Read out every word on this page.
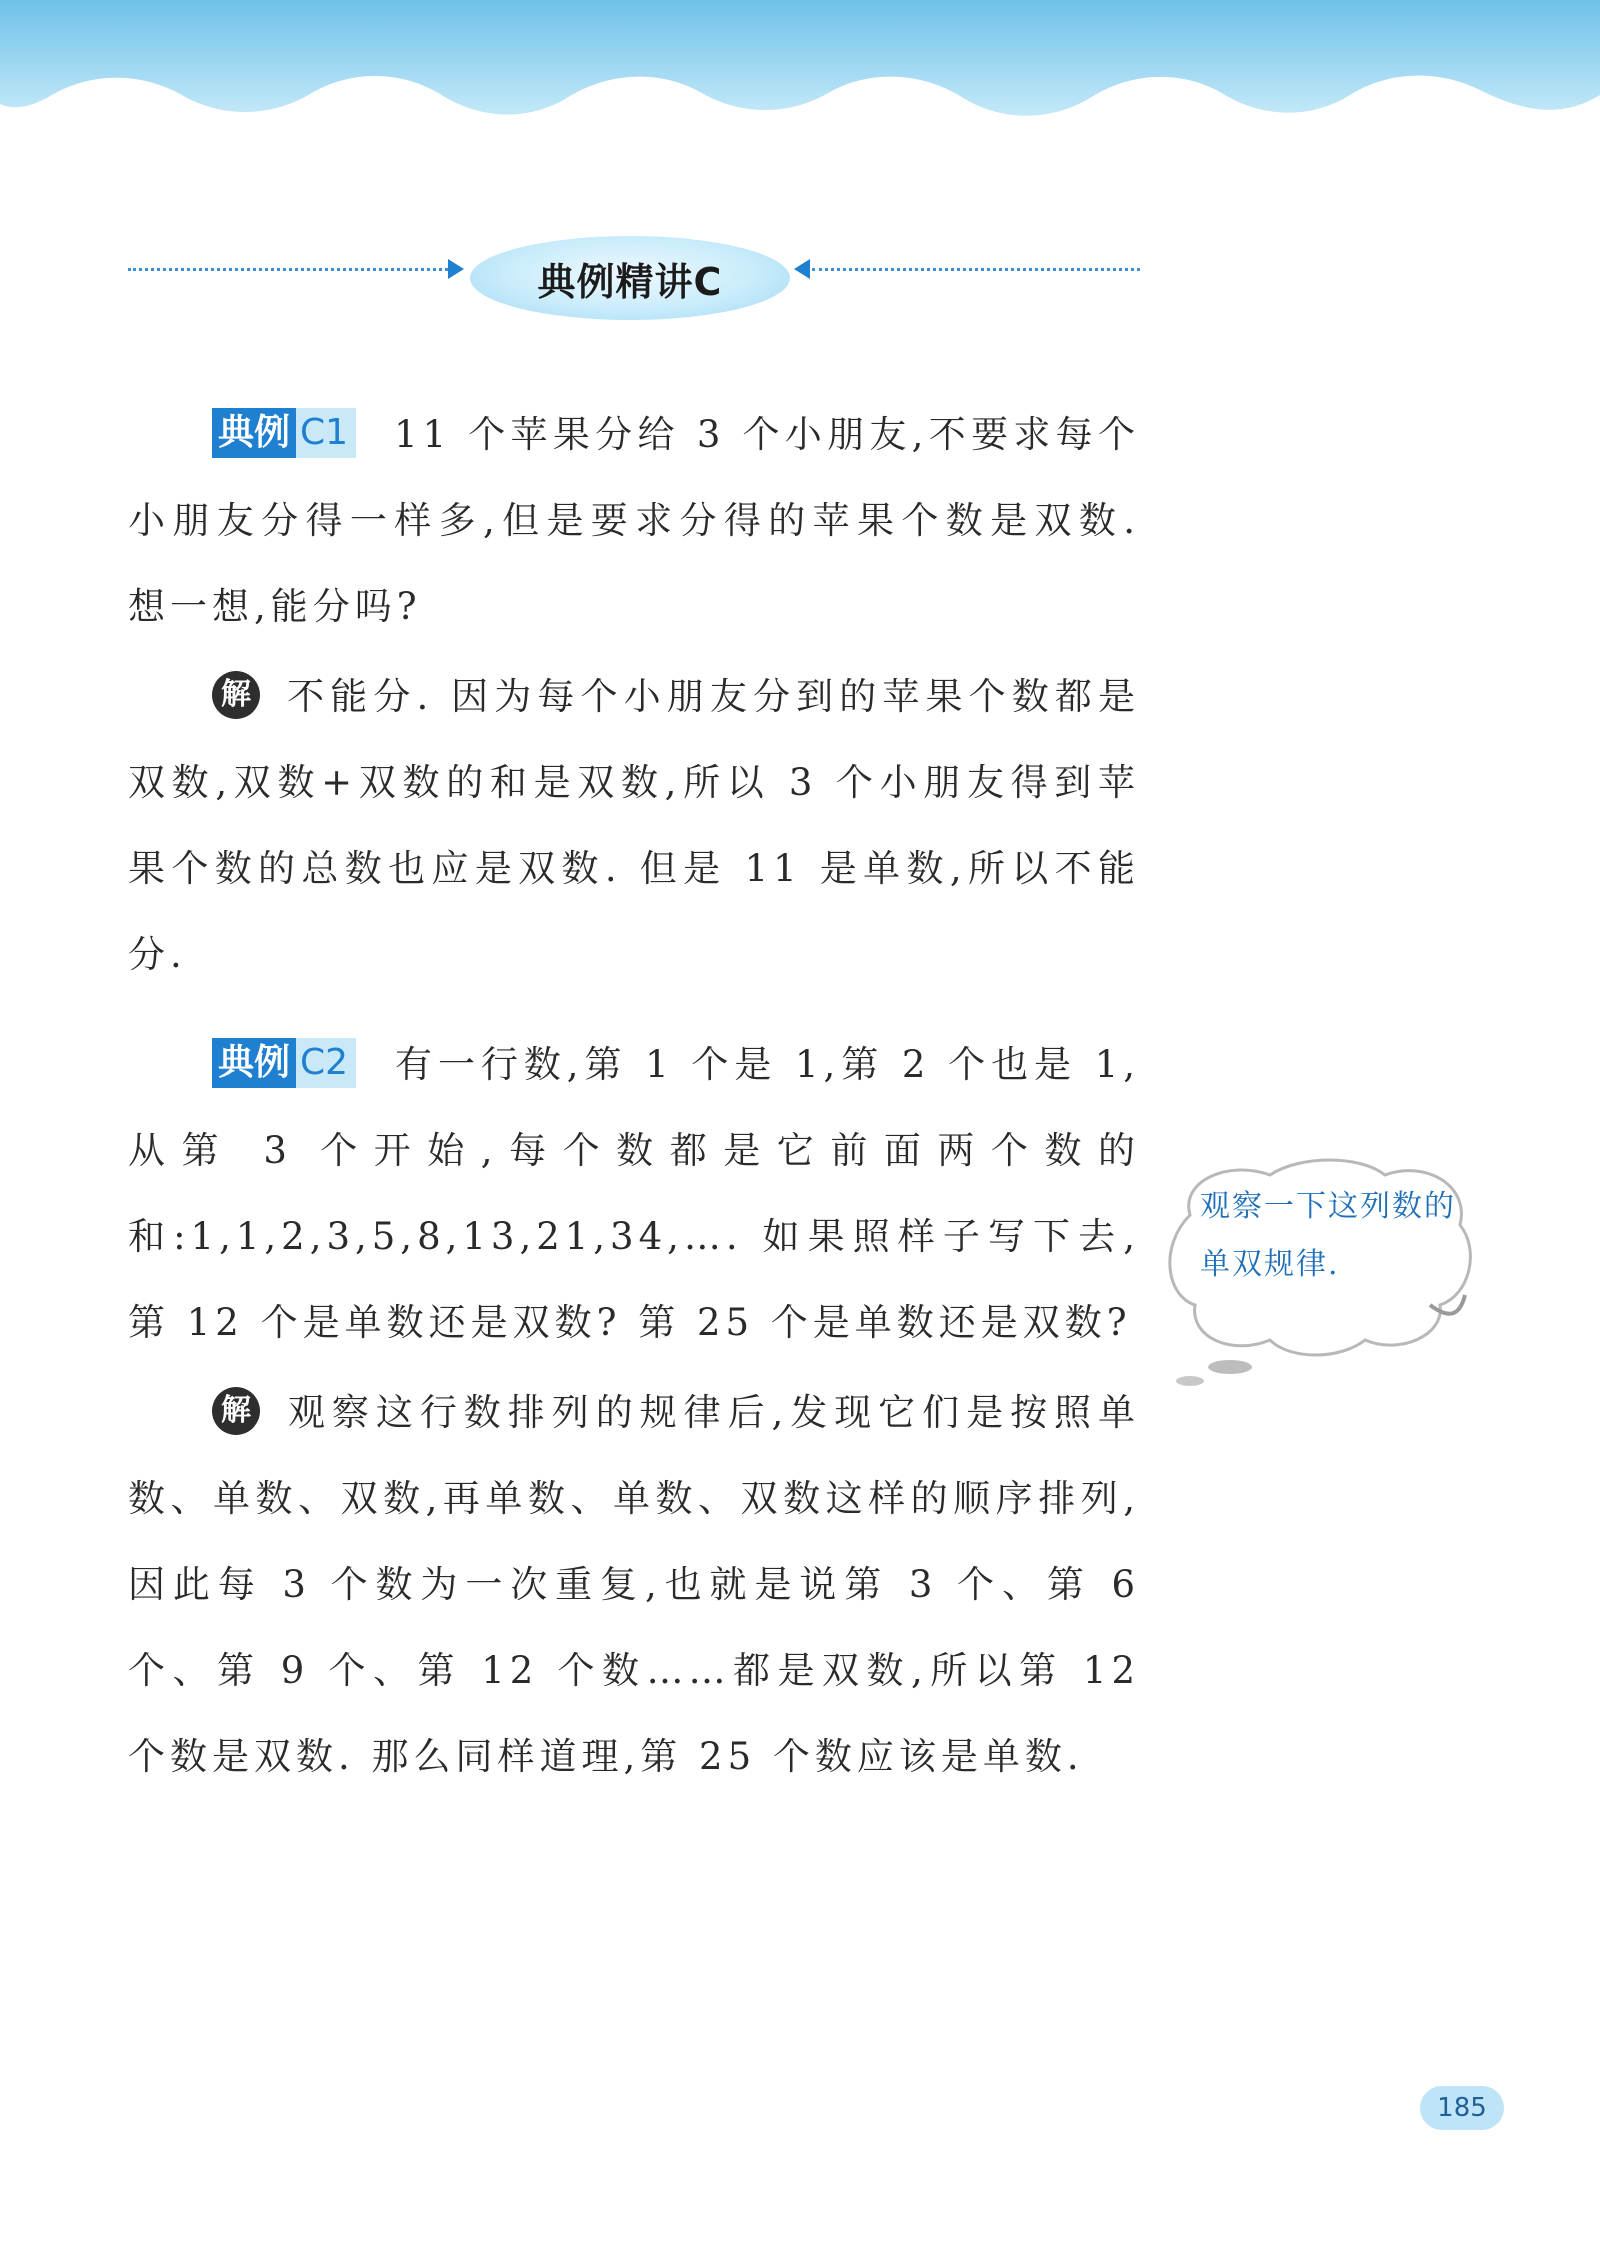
典例精讲C

典例 C1 11 个苹果分给 3 个小朋友,不要求每个小朋友分得一样多,但是要求分得的苹果个数是双数. 想一想,能分吗?

解 不能分. 因为每个小朋友分到的苹果个数都是双数,双数+双数的和是双数,所以 3 个小朋友得到苹果个数的总数也应是双数. 但是 11 是单数,所以不能分.

典例 C2 有一行数,第 1 个是 1,第 2 个也是 1,从第 3 个开始,每个数都是它前面两个数的和:1,1,2,3,5,8,13,21,34,…. 如果照样子写下去,第 12 个是单数还是双数? 第 25 个是单数还是双数?

解 观察这行数排列的规律后,发现它们是按照单数、单数、双数,再单数、单数、双数这样的顺序排列,因此每 3 个数为一次重复,也就是说第 3 个、第 6 个、第 9 个、第 12 个数……都是双数,所以第 12 个数是双数. 那么同样道理,第 25 个数应该是单数.

观察一下这列数的单双规律.
185
